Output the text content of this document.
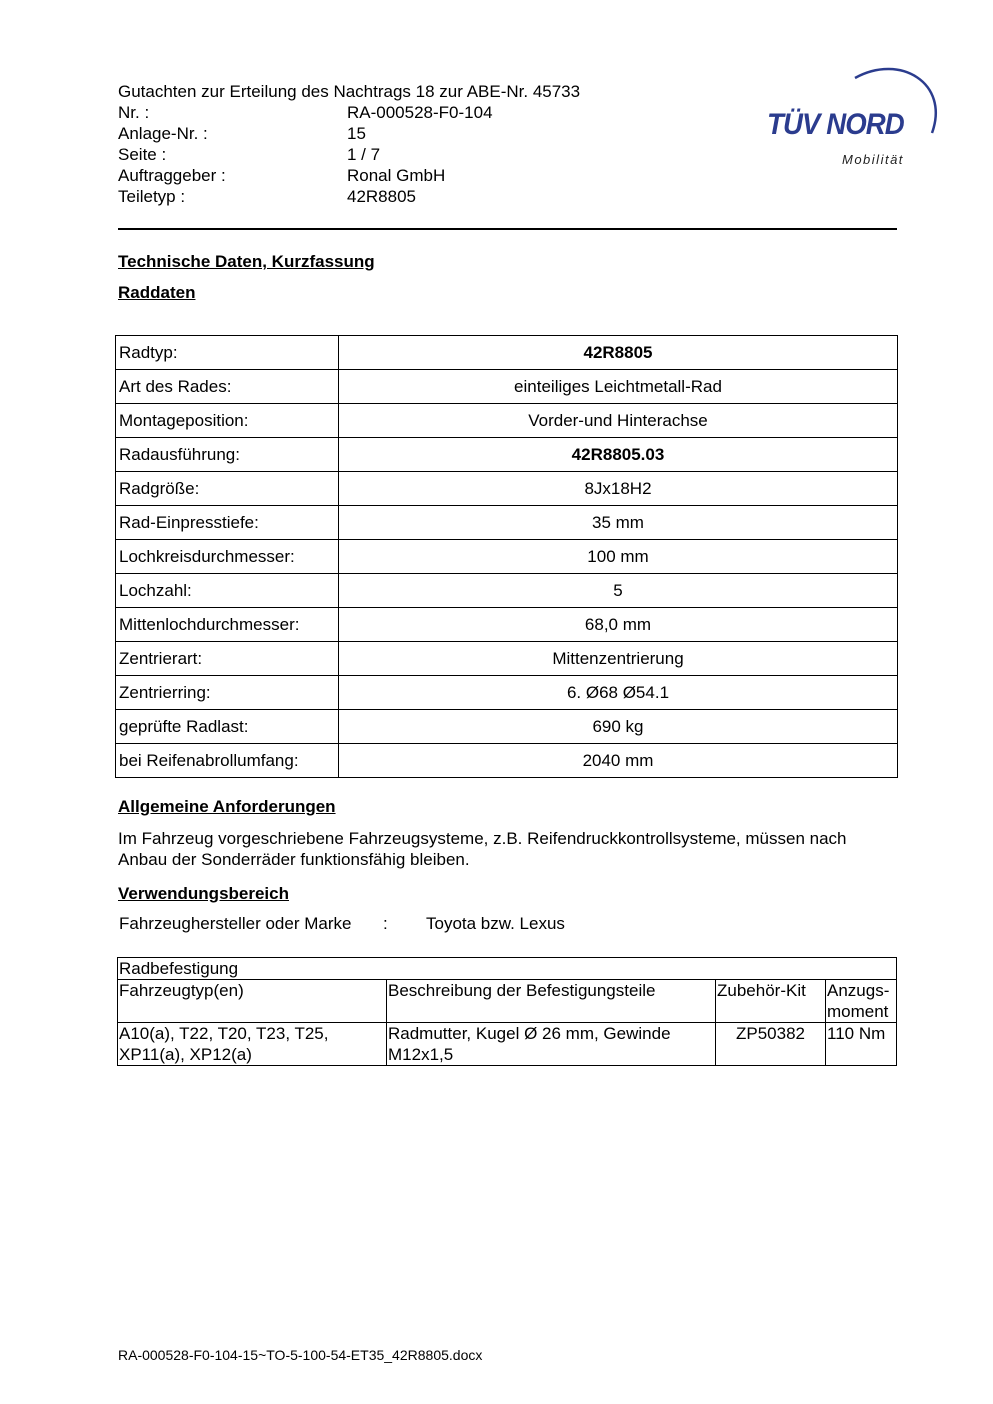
Gutachten zur Erteilung des Nachtrags 18 zur ABE-Nr. 45733
Nr. :	RA-000528-F0-104
Anlage-Nr. :	15
Seite :	1 / 7
Auftraggeber :	Ronal GmbH
Teiletyp :	42R8805
TÜV NORD
Mobilität
Technische Daten, Kurzfassung
Raddaten
Radtyp:	42R8805
Art des Rades:	einteiliges Leichtmetall-Rad
Montageposition:	Vorder-und Hinterachse
Radausführung:	42R8805.03
Radgröße:	8Jx18H2
Rad-Einpresstiefe:	35 mm
Lochkreisdurchmesser:	100 mm
Lochzahl:	5
Mittenlochdurchmesser:	68,0 mm
Zentrierart:	Mittenzentrierung
Zentrierring:	6. Ø68 Ø54.1
geprüfte Radlast:	690 kg
bei Reifenabrollumfang:	2040 mm
Allgemeine Anforderungen
Im Fahrzeug vorgeschriebene Fahrzeugsysteme, z.B. Reifendruckkontrollsysteme, müssen nach Anbau der Sonderräder funktionsfähig bleiben.
Verwendungsbereich
Fahrzeughersteller oder Marke : Toyota bzw. Lexus
Radbefestigung			
Fahrzeugtyp(en)	Beschreibung der Befestigungsteile	Zubehör-Kit	Anzugs-moment
A10(a), T22, T20, T23, T25, XP11(a), XP12(a)	Radmutter, Kugel Ø 26 mm, Gewinde M12x1,5	ZP50382	110 Nm
RA-000528-F0-104-15~TO-5-100-54-ET35_42R8805.docx
